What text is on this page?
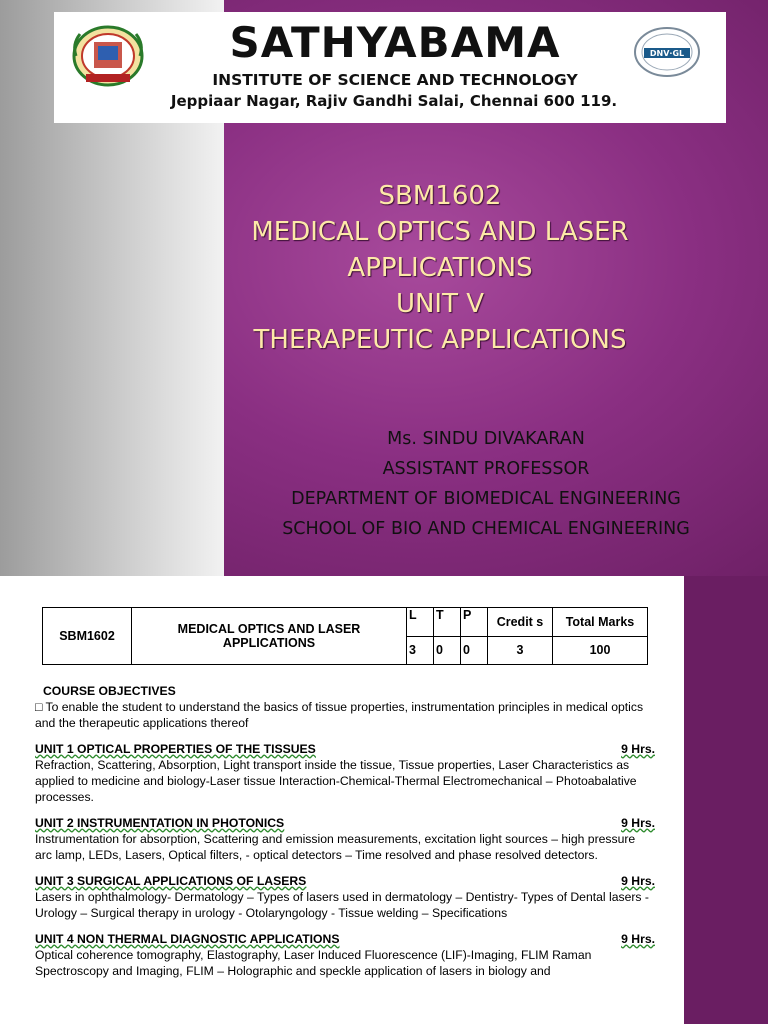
SATHYABAMA
INSTITUTE OF SCIENCE AND TECHNOLOGY
Jeppiaar Nagar, Rajiv Gandhi Salai, Chennai 600 119.
DNV·GL
SBM1602
MEDICAL OPTICS AND LASER
APPLICATIONS
UNIT V
THERAPEUTIC APPLICATIONS
Ms. SINDU DIVAKARAN
ASSISTANT PROFESSOR
DEPARTMENT OF BIOMEDICAL ENGINEERING
SCHOOL OF BIO AND CHEMICAL ENGINEERING
SBM1602	MEDICAL OPTICS AND LASER APPLICATIONS	L	T	P	Credit s	Total Marks
		3	0	0	3	100
COURSE OBJECTIVES
□ To enable the student to understand the basics of tissue properties, instrumentation principles in medical optics and the therapeutic applications thereof
UNIT 1 OPTICAL PROPERTIES OF THE TISSUES	9 Hrs.
Refraction, Scattering, Absorption, Light transport inside the tissue, Tissue properties, Laser Characteristics as applied to medicine and biology-Laser tissue Interaction-Chemical-Thermal Electromechanical – Photoabalative processes.
UNIT 2 INSTRUMENTATION IN PHOTONICS	9 Hrs.
Instrumentation for absorption, Scattering and emission measurements, excitation light sources – high pressure arc lamp, LEDs, Lasers, Optical filters, - optical detectors – Time resolved and phase resolved detectors.
UNIT 3 SURGICAL APPLICATIONS OF LASERS	9 Hrs.
Lasers in ophthalmology- Dermatology – Types of lasers used in dermatology – Dentistry- Types of Dental lasers - Urology – Surgical therapy in urology - Otolaryngology - Tissue welding – Specifications
UNIT 4 NON THERMAL DIAGNOSTIC APPLICATIONS	9 Hrs.
Optical coherence tomography, Elastography, Laser Induced Fluorescence (LIF)-Imaging, FLIM Raman Spectroscopy and Imaging, FLIM – Holographic and speckle application of lasers in biology and
